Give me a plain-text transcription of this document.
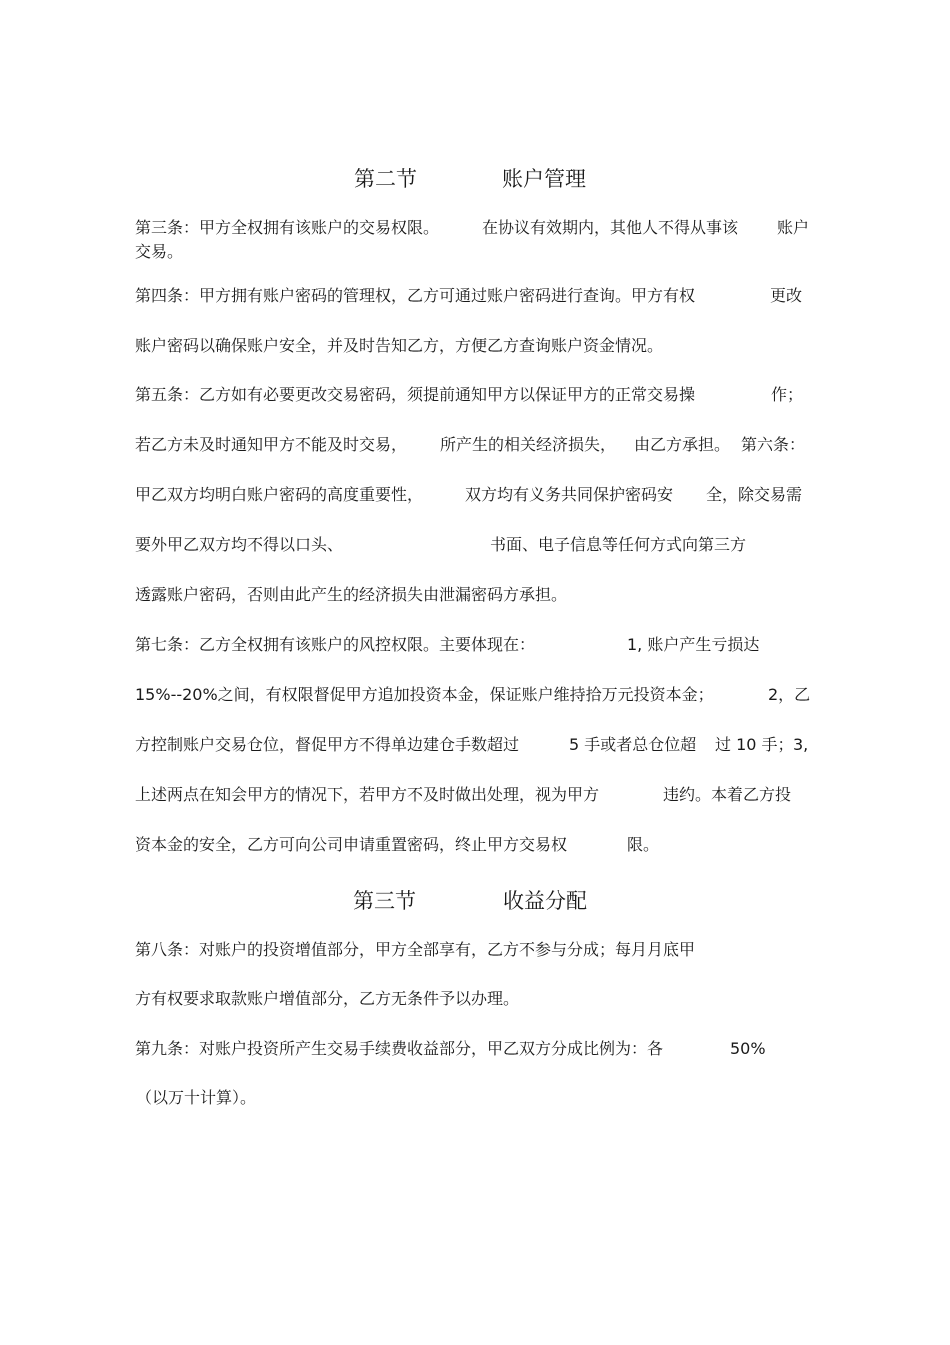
第二节	账户管理
第三条：甲方全权拥有该账户的交易权限。	在协议有效期内，其他人不得从事该 账户
交易。
第四条：甲方拥有账户密码的管理权，乙方可通过账户密码进行查询。甲方有权	更改
账户密码以确保账户安全，并及时告知乙方，方便乙方查询账户资金情况。
第五条：乙方如有必要更改交易密码，须提前通知甲方以保证甲方的正常交易操	作；
若乙方未及时通知甲方不能及时交易， 所产生的相关经济损失， 由乙方承担。 第六条：
甲乙双方均明白账户密码的高度重要性，	双方均有义务共同保护密码安 全，除交易需
要外甲乙双方均不得以口头、	书面、电子信息等任何方式向第三方
透露账户密码，否则由此产生的经济损失由泄漏密码方承担。
第七条：乙方全权拥有该账户的风控权限。主要体现在：	1, 账户产生亏损达
15%--20%之间，有权限督促甲方追加投资本金，保证账户维持拾万元投资本金；	2，乙
方控制账户交易仓位，督促甲方不得单边建仓手数超过	5 手或者总仓位超 过 10 手； 3,
上述两点在知会甲方的情况下，若甲方不及时做出处理，视为甲方	违约。本着乙方投
资本金的安全，乙方可向公司申请重置密码，终止甲方交易权	限。
第三节	收益分配
第八条：对账户的投资增值部分，甲方全部享有，乙方不参与分成；每月月底甲
方有权要求取款账户增值部分，乙方无条件予以办理。
第九条：对账户投资所产生交易手续费收益部分，甲乙双方分成比例为：各	50%
（以万十计算）。
